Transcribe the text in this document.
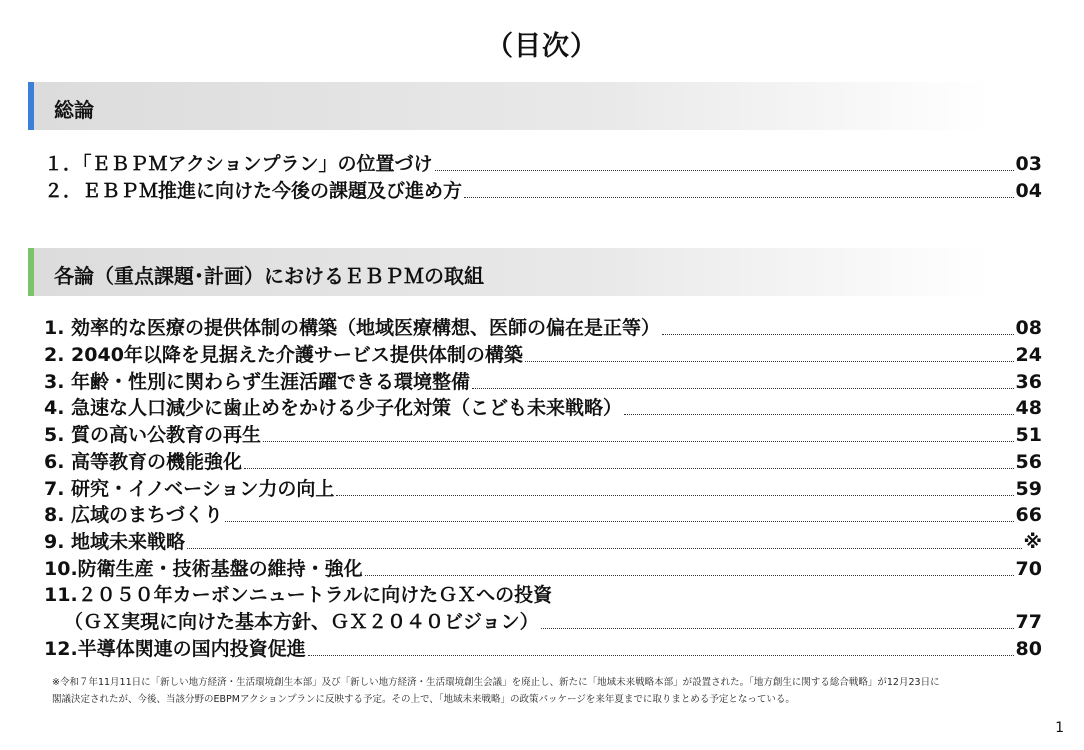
（目次）
総論
１．「ＥＢＰＭアクションプラン」の位置づけ	03
２．ＥＢＰＭ推進に向けた今後の課題及び進め方	04
各論（重点課題･計画）におけるＥＢＰＭの取組
1. 効率的な医療の提供体制の構築（地域医療構想、医師の偏在是正等）	08
2. 2040年以降を見据えた介護サービス提供体制の構築	24
3. 年齢・性別に関わらず生涯活躍できる環境整備	36
4. 急速な人口減少に歯止めをかける少子化対策（こども未来戦略）	48
5. 質の高い公教育の再生	51
6. 高等教育の機能強化	56
7. 研究・イノベーション力の向上	59
8. 広域のまちづくり	66
9. 地域未来戦略	※
10.防衛生産・技術基盤の維持・強化	70
11.２０５０年カーボンニュートラルに向けたＧＸへの投資
（ＧＸ実現に向けた基本方針、ＧＸ２０４０ビジョン）	77
12.半導体関連の国内投資促進	80
※令和７年11月11日に「新しい地方経済・生活環境創生本部」及び「新しい地方経済・生活環境創生会議」を廃止し、新たに「地域未来戦略本部」が設置された。「地方創生に関する総合戦略」が12月23日に
閣議決定されたが、今後、当該分野のEBPMアクションプランに反映する予定。その上で、「地域未来戦略」の政策パッケージを来年夏までに取りまとめる予定となっている。
1
